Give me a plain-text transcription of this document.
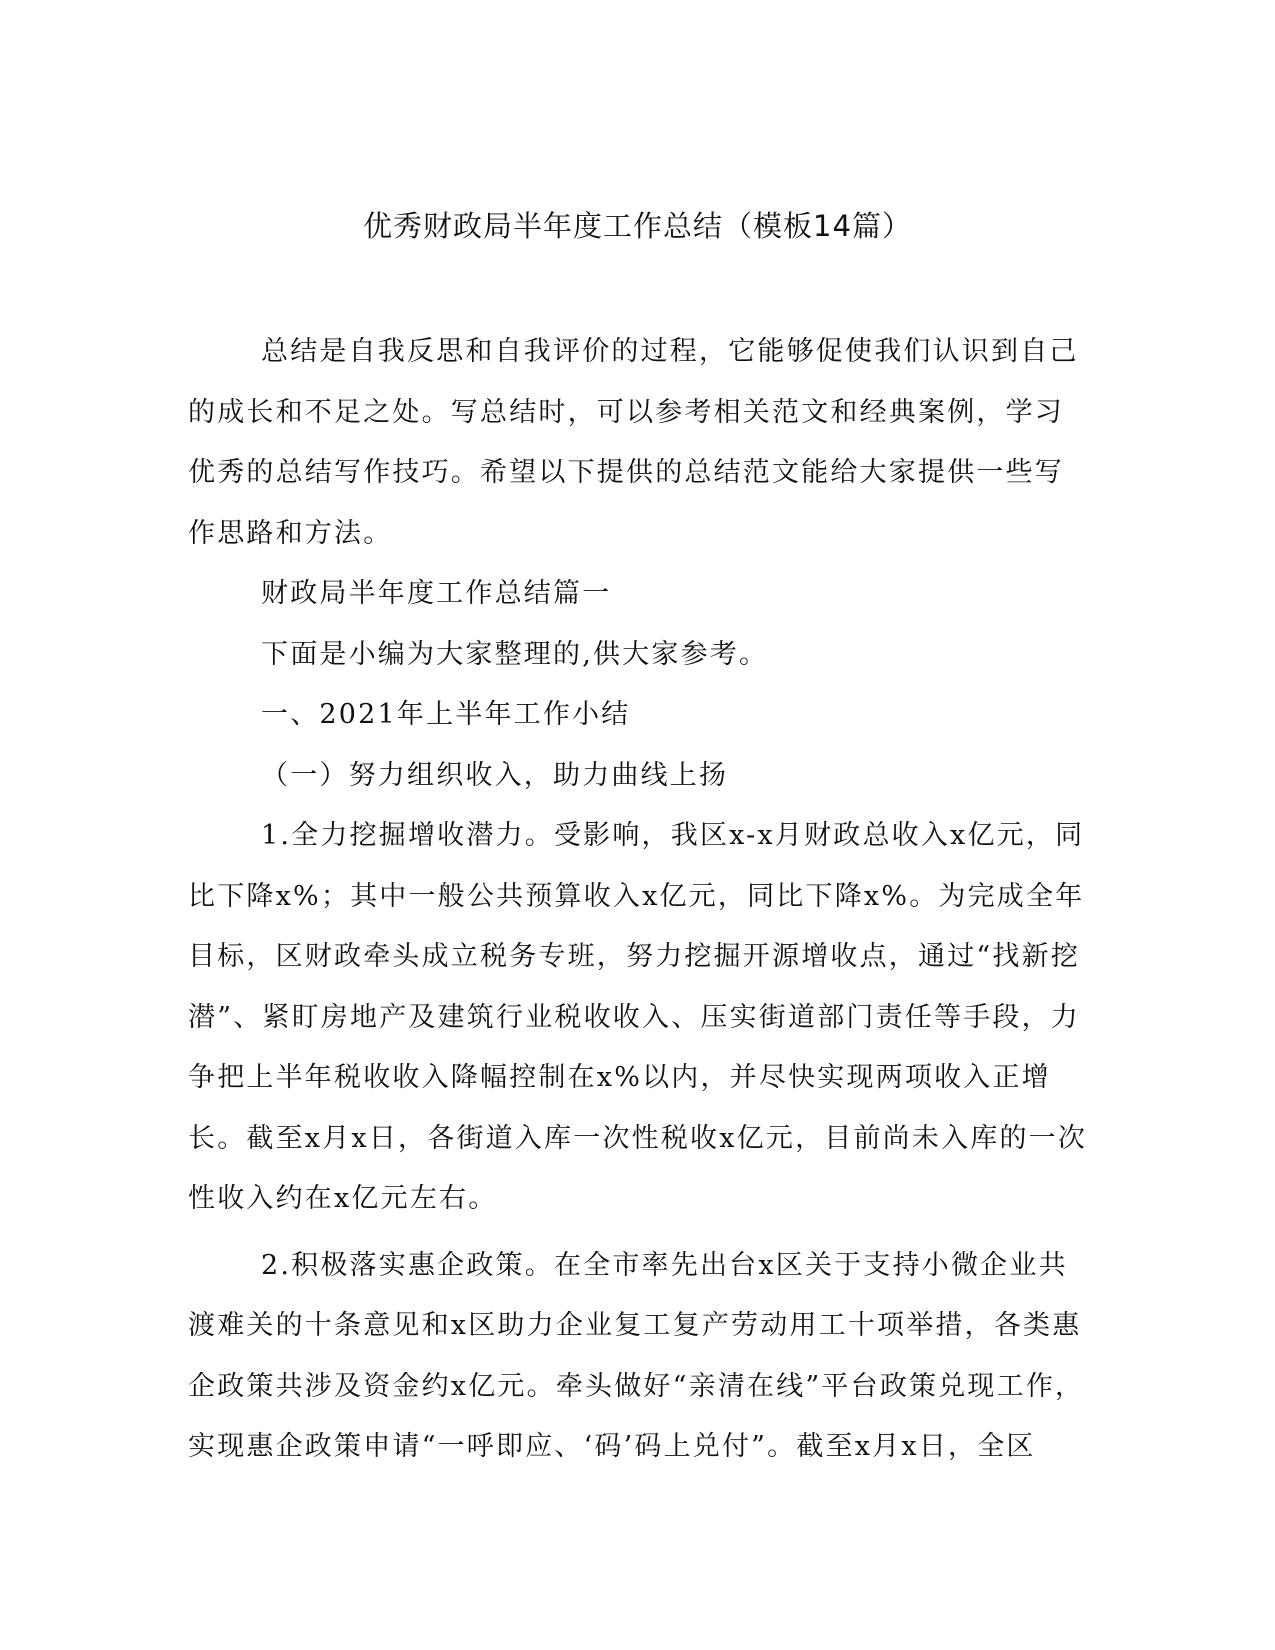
优秀财政局半年度工作总结（模板14篇）

总结是自我反思和自我评价的过程，它能够促使我们认识到自己的成长和不足之处。写总结时，可以参考相关范文和经典案例，学习优秀的总结写作技巧。希望以下提供的总结范文能给大家提供一些写作思路和方法。

财政局半年度工作总结篇一

下面是小编为大家整理的,供大家参考。

一、2021年上半年工作小结

（一）努力组织收入，助力曲线上扬

1.全力挖掘增收潜力。受影响，我区x-x月财政总收入x亿元，同比下降x%；其中一般公共预算收入x亿元，同比下降x%。为完成全年目标，区财政牵头成立税务专班，努力挖掘开源增收点，通过“找新挖潜”、紧盯房地产及建筑行业税收收入、压实街道部门责任等手段，力争把上半年税收收入降幅控制在x%以内，并尽快实现两项收入正增长。截至x月x日，各街道入库一次性税收x亿元，目前尚未入库的一次性收入约在x亿元左右。

2.积极落实惠企政策。在全市率先出台x区关于支持小微企业共渡难关的十条意见和x区助力企业复工复产劳动用工十项举措，各类惠企政策共涉及资金约x亿元。牵头做好“亲清在线”平台政策兑现工作，实现惠企政策申请“一呼即应、‘码’码上兑付”。截至x月x日，全区
